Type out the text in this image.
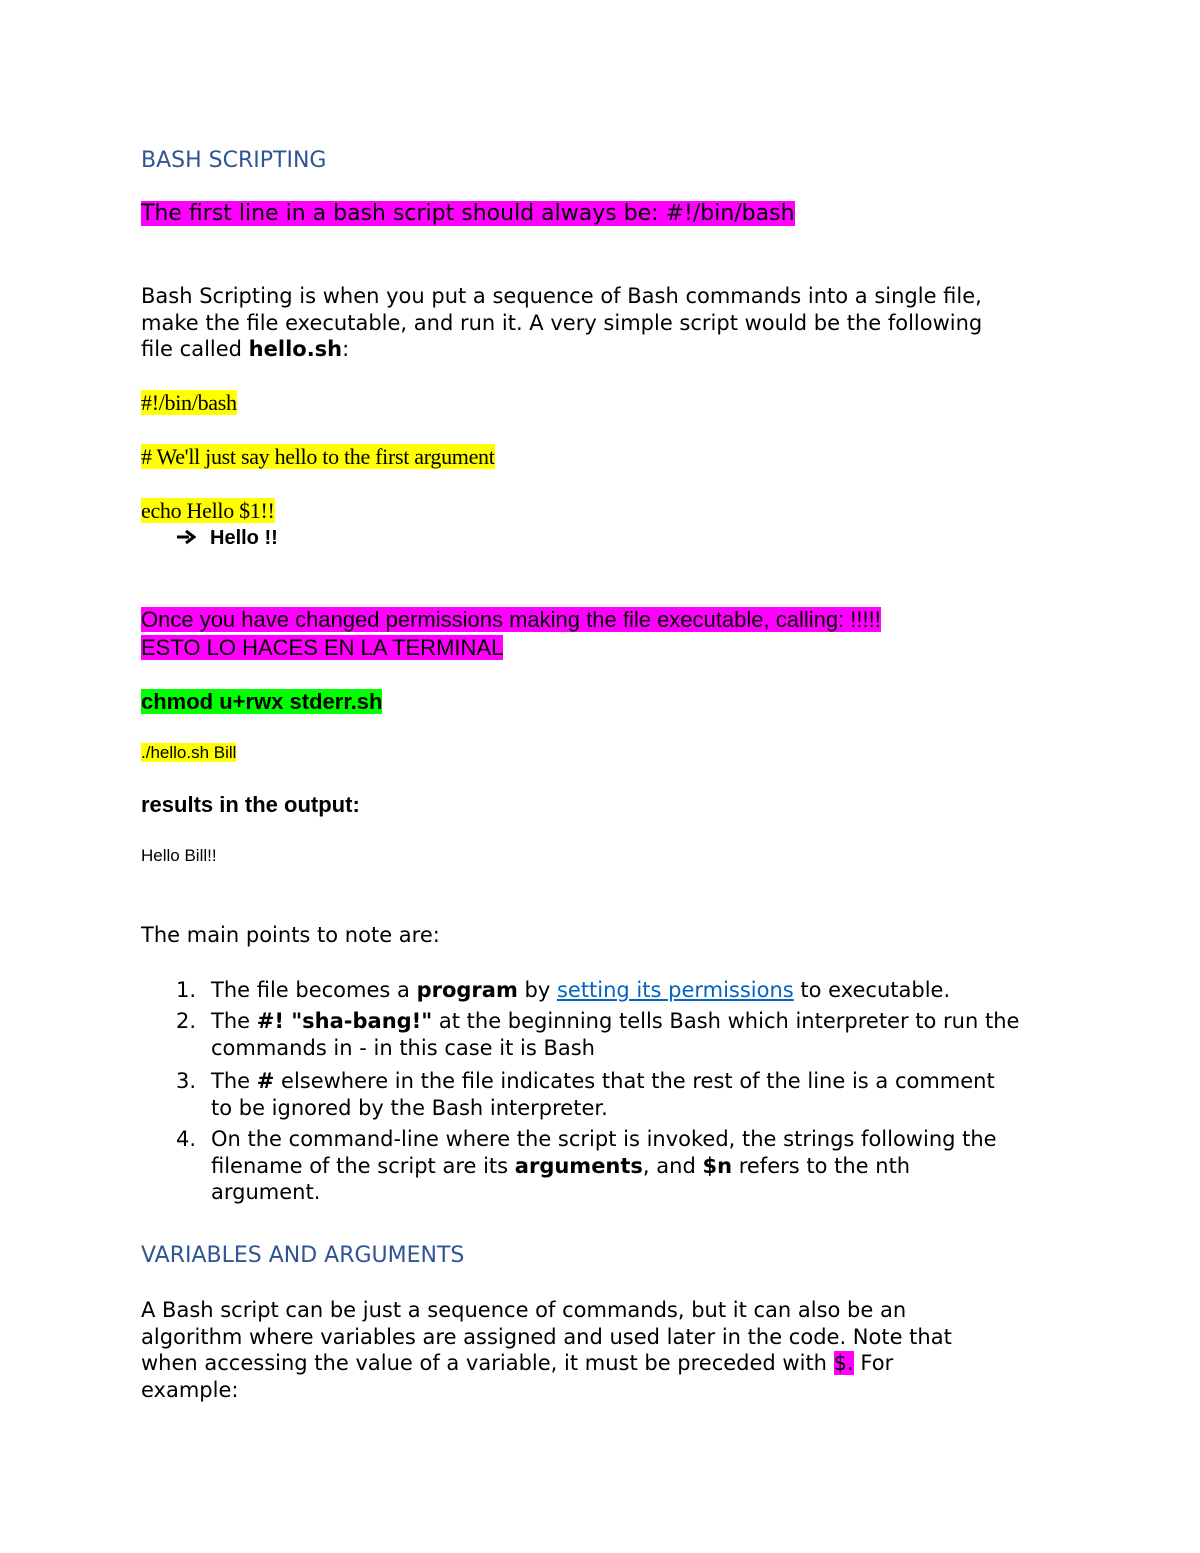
BASH SCRIPTING
The first line in a bash script should always be: #!/bin/bash
Bash Scripting is when you put a sequence of Bash commands into a single file,
make the file executable, and run it. A very simple script would be the following
file called hello.sh:
#!/bin/bash
# We'll just say hello to the first argument
echo Hello $1!!
Hello !!
Once you have changed permissions making the file executable, calling: !!!!!
ESTO LO HACES EN LA TERMINAL
chmod u+rwx stderr.sh
./hello.sh Bill
results in the output:
Hello Bill!!
The main points to note are:
1. The file becomes a program by setting its permissions to executable.
2. The #! "sha-bang!" at the beginning tells Bash which interpreter to run the
commands in - in this case it is Bash
3. The # elsewhere in the file indicates that the rest of the line is a comment
to be ignored by the Bash interpreter.
4. On the command-line where the script is invoked, the strings following the
filename of the script are its arguments, and $n refers to the nth
argument.
VARIABLES AND ARGUMENTS
A Bash script can be just a sequence of commands, but it can also be an
algorithm where variables are assigned and used later in the code. Note that
when accessing the value of a variable, it must be preceded with $. For
example:
